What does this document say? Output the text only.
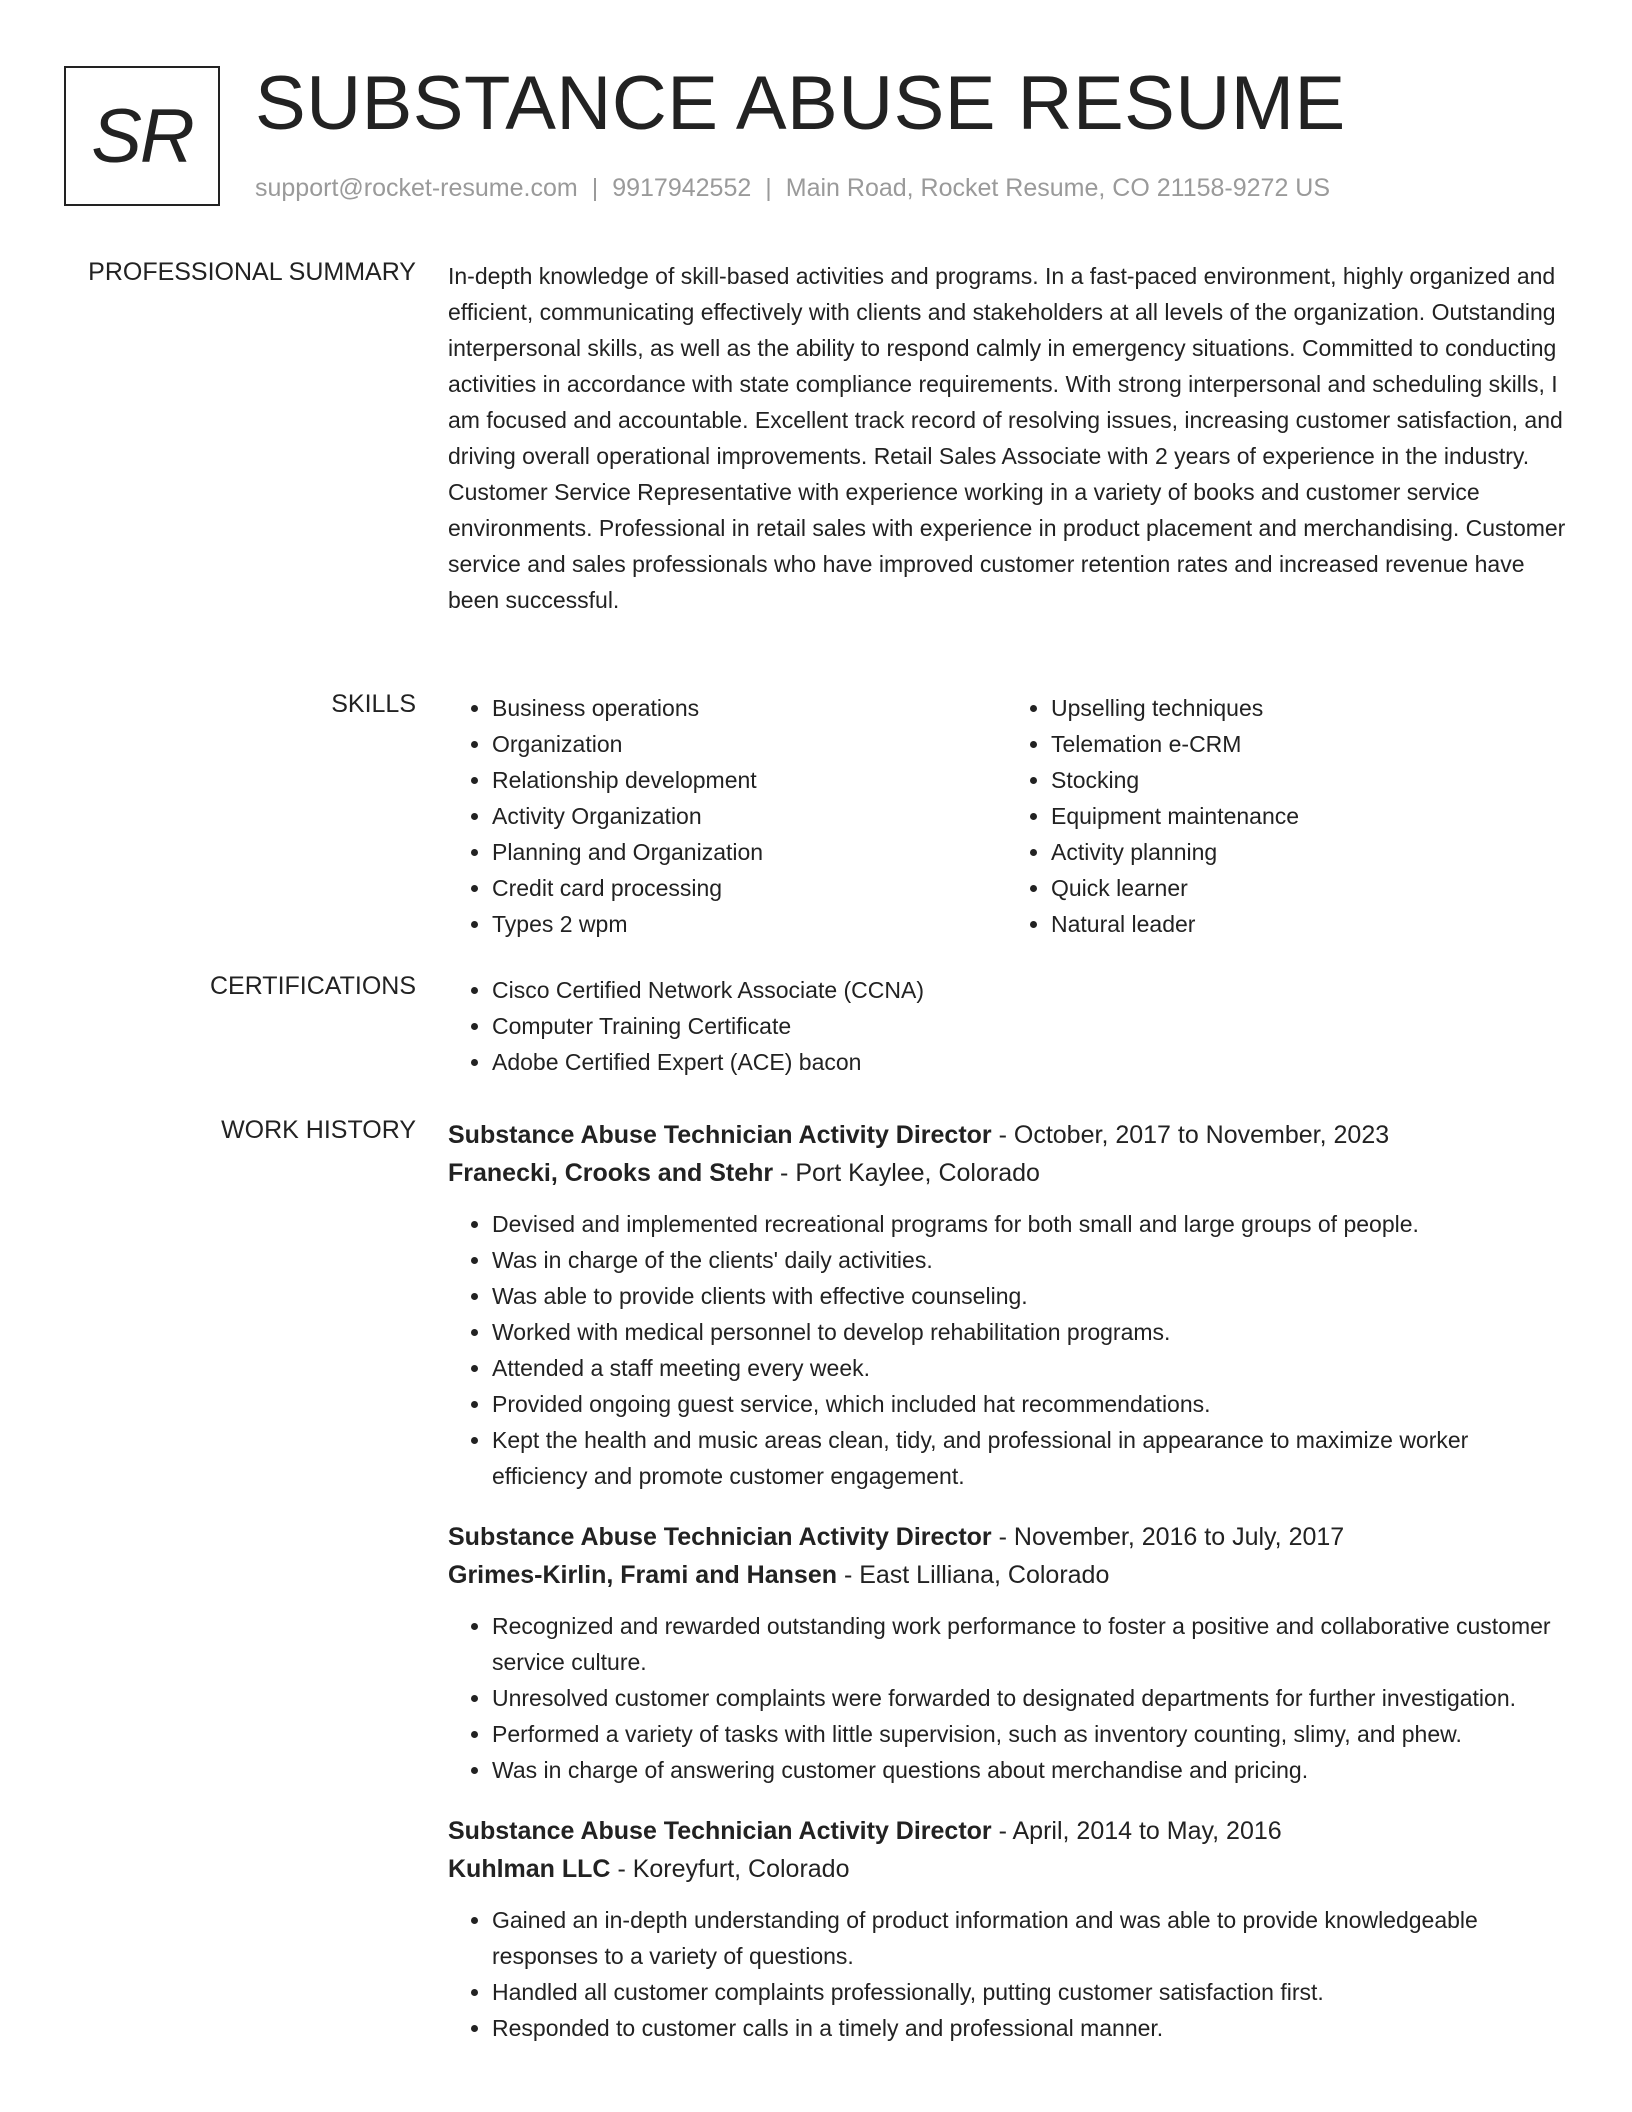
SR SUBSTANCE ABUSE RESUME
support@rocket-resume.com | 9917942552 | Main Road, Rocket Resume, CO 21158-9272 US
PROFESSIONAL SUMMARY In-depth knowledge of skill-based activities and programs. In a fast-paced environment, highly organized and efficient, communicating effectively with clients and stakeholders at all levels of the organization. Outstanding interpersonal skills, as well as the ability to respond calmly in emergency situations. Committed to conducting activities in accordance with state compliance requirements. With strong interpersonal and scheduling skills, I am focused and accountable. Excellent track record of resolving issues, increasing customer satisfaction, and driving overall operational improvements. Retail Sales Associate with 2 years of experience in the industry. Customer Service Representative with experience working in a variety of books and customer service environments. Professional in retail sales with experience in product placement and merchandising. Customer service and sales professionals who have improved customer retention rates and increased revenue have been successful.

SKILLS	• Business operations
• Organization
• Relationship development
• Activity Organization
• Planning and Organization
• Credit card processing
• Types 2 wpm
• Upselling techniques
• Telemation e-CRM
• Stocking
• Equipment maintenance
• Activity planning
• Quick learner
• Natural leader
CERTIFICATIONS	• Cisco Certified Network Associate (CCNA)
• Computer Training Certificate
• Adobe Certified Expert (ACE) bacon
WORK HISTORY Substance Abuse Technician Activity Director - October, 2017 to November, 2023
Franecki, Crooks and Stehr - Port Kaylee, Colorado
• Devised and implemented recreational programs for both small and large groups of people.
• Was in charge of the clients' daily activities.
• Was able to provide clients with effective counseling.
• Worked with medical personnel to develop rehabilitation programs.
• Attended a staff meeting every week.
• Provided ongoing guest service, which included hat recommendations.
• Kept the health and music areas clean, tidy, and professional in appearance to maximize worker efficiency and promote customer engagement.
Substance Abuse Technician Activity Director - November, 2016 to July, 2017
Grimes-Kirlin, Frami and Hansen - East Lilliana, Colorado
• Recognized and rewarded outstanding work performance to foster a positive and collaborative customer service culture.
• Unresolved customer complaints were forwarded to designated departments for further investigation.
• Performed a variety of tasks with little supervision, such as inventory counting, slimy, and phew.
• Was in charge of answering customer questions about merchandise and pricing.
Substance Abuse Technician Activity Director - April, 2014 to May, 2016
Kuhlman LLC - Koreyfurt, Colorado
• Gained an in-depth understanding of product information and was able to provide knowledgeable responses to a variety of questions.
• Handled all customer complaints professionally, putting customer satisfaction first.
• Responded to customer calls in a timely and professional manner.
